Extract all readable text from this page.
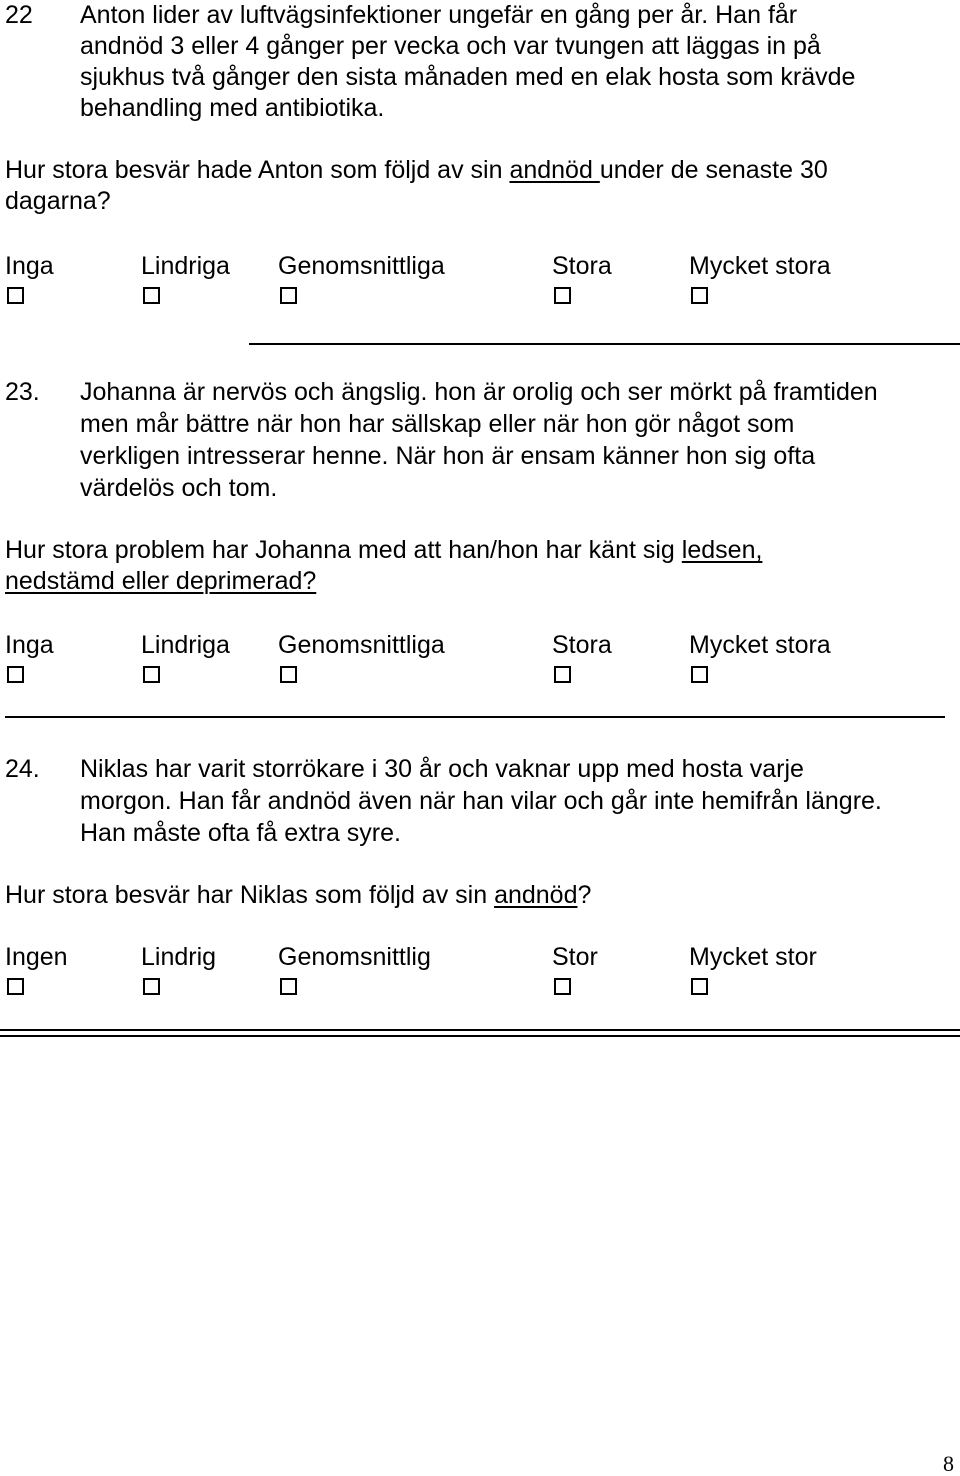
22 Anton lider av luftvägsinfektioner ungefär en gång per år. Han får
andnöd 3 eller 4 gånger per vecka och var tvungen att läggas in på
sjukhus två gånger den sista månaden med en elak hosta som krävde
behandling med antibiotika.
Hur stora besvär hade Anton som följd av sin andnöd under de senaste 30
dagarna?
Inga	Lindriga Genomsnittliga	Stora	Mycket stora
23. Johanna är nervös och ängslig. hon är orolig och ser mörkt på framtiden
men mår bättre när hon har sällskap eller när hon gör något som
verkligen intresserar henne. När hon är ensam känner hon sig ofta
värdelös och tom.
Hur stora problem har Johanna med att han/hon har känt sig ledsen,
nedstämd eller deprimerad?
Inga	Lindriga Genomsnittliga	Stora	Mycket stora
24. Niklas har varit storrökare i 30 år och vaknar upp med hosta varje
morgon. Han får andnöd även när han vilar och går inte hemifrån längre.
Han måste ofta få extra syre.
Hur stora besvär har Niklas som följd av sin andnöd?
Ingen	Lindrig Genomsnittlig	Stor	Mycket stor
8
